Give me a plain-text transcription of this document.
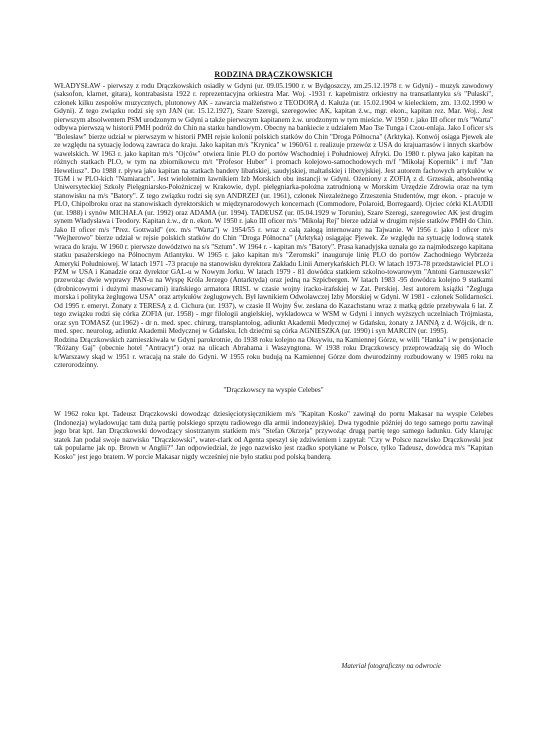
RODZINA DRĄCZKOWSKICH

WŁADYSŁAW - pierwszy z rodu Drączkowskich osiadły w Gdyni (ur. 09.05.1900 r. w Bydgoszczy, zm.25.12.1978 r. w Gdyni) - muzyk zawodowy (saksofon, klarnet, gitara), kontrabasista 1922 r. reprezentacyjna orkiestra Mar. Woj. -1931 r. kapelmistrz orkiestry na transatlantyku s/s "Pułaski", członek kilku zespołów muzycznych, plutonowy AK - zawarcia małżeństwo z TEODORĄ d. Kałuża (ur. 15.02.1904 w kieleckiem, zm. 13.02.1990 w Gdyni). Z tego związku rodzi się syn JAN (ur. 15.12.1927), Szare Szeregi, szeregowiec AK, kapitan ż.w., mgr. ekon., kapitan rez. Mar. Woj.. Jest pierwszym absolwentem PSM urodzonym w Gdyni a także pierwszym kapitanem ż.w. urodzonym w tym mieście. W 1950 r. jako III oficer m/s "Warta" odbywa pierwszą w historii PMH podróż do Chin na statku handlowym. Obecny na bankiecie z udziałem Mao Tse Tunga i Czou-enlaja. Jako I oficer s/s "Bolesław" bierze udział w pierwszym w historii PMH rejsie kolonii polskich statków do Chin "Droga Północna" (Arktyka). Konwój osiąga Pjewek ale ze względu na sytuację lodową zawraca do kraju. Jako kapitan m/s "Krynica" w 1960/61 r. realizuje przewóz z USA do krajuarrasów i innych skarbów wawelskich. W 1963 r. jako kapitan m/s "Ojców" otwiera linie PLO do portów Wschodniej i Południowej Afryki. Do 1980 r. pływa jako kapitan na różnych statkach PLO, w tym na zbiornikowcu m/t "Profesor Huber" i promach kolejowo-samochodowych m/f "Mikołaj Kopernik" i m/f "Jan Heweliusz". Do 1988 r. pływa jako kapitan na statkach bandery libańskiej, saudyjskiej, maltańskiej i liberyjskiej. Jest autorem fachowych artykułów w TGM i w PLO-kich "Namiarach". Jest wieloletnim ławnikiem Izb Morskich obu instancji w Gdyni. Ożeniony z ZOFIĄ z d. Grzesiak, absolwentką Uniwersyteckiej Szkoły Pielęgniarsko-Położniczej w Krakowie, dypl. pielęgniarka-położna zatrudnioną w Morskim Urzędzie Zdrowia oraz na tym stanowisku na m/s "Batory". Z tego związku rodzi się syn ANDRZEJ (ur. 1961), członek Niezależnego Zrzeszenia Studentów, mgr ekon. - pracuje w PLO, Chipolbroku oraz na stanowiskach dyrektorskich w międzynarodowych koncernach (Commodore, Polaroid, Borregaard). Ojciec córki KLAUDII (ur. 1988) i synów MICHAŁA (ur. 1992) oraz ADAMA (ur. 1994). TADEUSZ (ur. 05.04.1929 w Toruniu), Szare Szeregi, szeregowiec AK jest drugim synem Władysława i Teodory. Kapitan ż.w., dr n. ekon. W 1950 r. jako III oficer m/s "Mikołaj Rej" bierze udział w drugim rejsie statków PMH do Chin. Jako II oficer m/s "Prez. Gottwald" (ex. m/s "Warta") w 1954/55 r. wraz z całą załogą internowany na Tajwanie. W 1956 r. jako I oficer m/s "Wejherowo" bierze udział w rejsie polskich statków do Chin "Droga Północna" (Arktyka) osiągając Pjewek. Ze względu na sytuację lodową statek wraca do kraju. W 1960 r. pierwsze dowództwo na s/s "Sztum". W 1964 r. - kapitan m/s "Batory". Prasa kanadyjska uznała go za najmłodszego kapitana statku pasażerskiego na Północnym Atlantyku. W 1965 r. jako kapitan m/s "Żeromski" inauguruje linię PLO do portów Zachodniego Wybrzeża Ameryki Południowej. W latach 1971 -73 pracuje na stanowisku dyrektora Zakładu Linii Amerykańskich PLO. W latach 1973-78 przedstawiciel PLO i PŻM w USA i Kanadzie oraz dyrektor GAL-u w Nowym Jorku. W latach 1979 - 81 dowódca statkiem szkolno-towarowym "Antoni Garnuszewski" przewożąc dwie wyprawy PAN-u na Wyspę Króla Jerzego (Antarktyda) oraz jedną na Szpicbergen. W latach 1983 -95 dowódca kolejno 9 statkami (drobnicowymi i dużymi masowcami) irańskiego armatora IRISL w czasie wojny iracko-irańskiej w Zat. Perskiej. Jest autorem książki "Żegluga morska i polityka żeglugowa USA" oraz artykułów żeglugowych. Był ławnikiem Odwoławczej Izby Morskiej w Gdyni. W 1981 - członek Solidarności. Od 1995 r. emeryt. Żonaty z TERESĄ z d. Cichura (ur. 1937), w czasie II Wojny Św. zesłana do Kazachstanu wraz z matką gdzie przebywała 6 lat. Z tego związku rodzi się córka ZOFIA (ur. 1958) - mgr filologii angielskiej, wykładowca w WSM w Gdyni i innych wyższych uczelniach Trójmiasta, oraz syn TOMASZ (ur.1962) - dr n. med. spec. chirurg, transplantolog, adiunkt Akademii Medycznej w Gdańsku, żonaty z JANNĄ z d. Wójcik, dr n. med. spec. neurolog, adiunkt Akademii Medycznej w Gdańsku. Ich dziećmi są córka AGNIESZKA (ur. 1990) i syn MARCIN (ur. 1995).

Rodzina Drączkowskich zamieszkiwała w Gdyni parokrotnie, do 1938 roku kolejno na Oksywiu, na Kamiennej Górze, w willi "Hanka" i w pensjonacie "Różany Gaj" (obecnie hotel "Antracyt") oraz na ulicach Abrahama i Waszyngtona. W 1938 roku Drączkowscy przeprowadzają się do Włoch k/Warszawy skąd w 1951 r. wracają na stałe do Gdyni. W 1955 roku budują na Kamiennej Górze dom dwurodzinny rozbudowany w 1985 roku na czterorodzinny.

"Drączkowscy na wyspie Celebes"

W 1962 roku kpt. Tadeusz Drączkowski dowodząc dziesięciotysięcznikiem m/s "Kapitan Kosko" zawinął do portu Makasar na wyspie Celebes (Indonezja) wyładowując tam dużą partię polskiego sprzętu radiowego dla armii indonezyjskiej. Dwa tygodnie później do tego samego portu zawinął jego brat kpt. Jan Drączkowski dowodzący siostrzanym statkiem m/s "Stefan Okrzeja" przywożąc drugą partię tego samego ładunku. Gdy klarując statek Jan podał swoje nazwisko "Drączkowski", water-clark od Agenta speszyl się zdziwieniem i zapytał: "Czy w Polsce nazwisko Drączkowski jest tak popularne jak np. Brown w Anglii?" Jan odpowiedział, że jego nazwisko jest rzadko spotykane w Polsce, tylko Tadeusz, dowódca m/s "Kapitan Kosko" jest jego bratem. W porcie Makasar nigdy wcześniej nie było statku pod polską banderą.

Materiał fotograficzny na odwrocie
